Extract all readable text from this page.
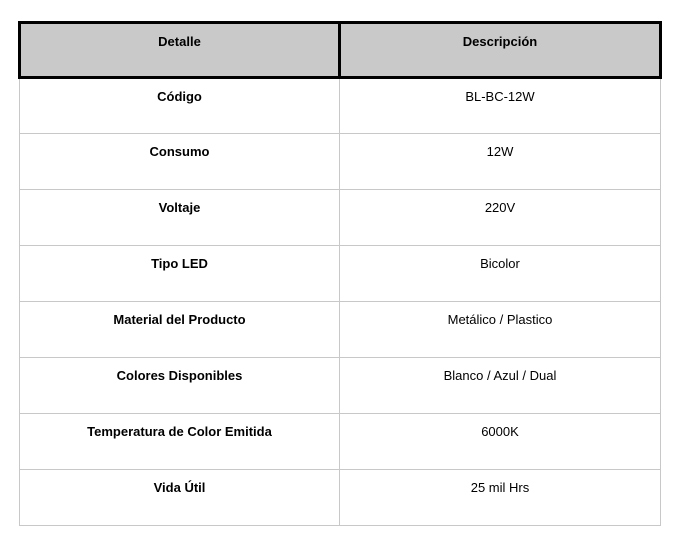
Detalle	Descripción
Código	BL-BC-12W
Consumo	12W
Voltaje	220V
Tipo LED	Bicolor
Material del Producto	Metálico / Plastico
Colores Disponibles	Blanco / Azul / Dual
Temperatura de Color Emitida	6000K
Vida Útil	25 mil Hrs
